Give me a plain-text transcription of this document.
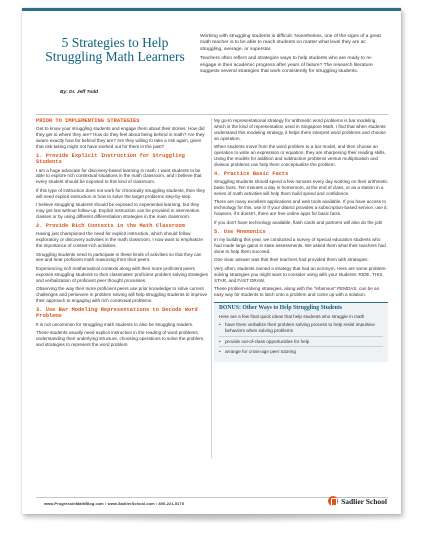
5 Strategies to Help Struggling Math Learners
By: Dr. Jeff Todd

Working with struggling students is difficult. Nonetheless, one of the signs of a great math teacher is to be able to reach students no matter what level they are at: struggling, average, or superstar.

Teachers often reflect and strategize ways to help students who are ready to re-engage in their academic progress after years of failure? The research literature suggests several strategies that work consistently for struggling students.

PRIOR TO IMPLEMENTING STRATEGIES

Get to know your struggling students and engage them about their stories. How did they get to where they are? How do they feel about being behind in math? Are they aware exactly how far behind they are? Are they willing to take a risk again, given that risk-taking might not have worked out for them in the past?

1. Provide Explicit Instruction for Struggling Students

I am a huge advocate for discovery-based learning in math. I want students to be able to explore rich contextual situations in the math classroom, and I believe that every student should be exposed to this kind of classroom.

If this type of instruction does not work for chronically struggling students, then they will need explicit instruction in how to solve the target problems step-by-step.

I believe struggling students should be exposed to experiential learning, but they may get lost without follow-up. Explicit instruction can be provided in intervention classes or by using different differentiation strategies in the main classroom.

2. Provide Rich Contexts in the Math Classroom

Having just championed the need for explicit instruction, which should follow exploratory or discovery activities in the math classroom, I now want to emphasize the importance of context-rich activities.

Struggling students need to participate in these kinds of activities so that they can see and hear proficient math reasoning from their peers.

Experiencing rich mathematical contexts along with their more proficient peers exposes struggling students to their classmates' proficient problem solving strategies and verbalization of proficient peer thought processes.

Observing the way their more proficient peers use prior knowledge to solve current challenges and persevere in problem solving will help struggling students to improve their approach to engaging with rich contextual problems.

3. Use Bar Modeling Representations to Decode Word Problems

It is not uncommon for struggling math students to also be struggling readers.

These students usually need explicit instruction in the reading of word problems, understanding their underlying structure, choosing operations to solve the problem, and strategies to represent the word problem.

My go-to representational strategy for arithmetic word problems is bar modeling, which is the kind of representation used in Singapore Math. I find that when students understand this modeling strategy, it helps them interpret word problems and choose an operation.

When students move from the word problem to a bar model, and then choose an operation to write an expression or equation, they are sharpening their reading skills. Using the models for addition and subtraction problems versus multiplication and division problems can help them conceptualize the problem.

4. Practice Basic Facts

Struggling students should spend a few minutes every day working on their arithmetic basic facts. Ten minutes a day in homeroom, at the end of class, or as a station in a series of math activities will help them build speed and confidence.

There are many excellent applications and web tools available. If you have access to technology for this, use it! If your district provides a subscription-based service, use it; however, if it doesn't, there are free online apps for basic facts.

If you don't have technology available, flash cards and partners will also do the job!

5. Use Mnemonics

In my building this year, we conducted a survey of special education students who had made large gains in state assessments. We asked them what their teachers had done to help them succeed.

One clear answer was that their teachers had provided them with strategies.

Very often, students named a strategy that had an acronym. Here are some problem-solving strategies you might want to consider using with your students: RIDE, THIS, STAR, and FAST DRAW.

These problem-solving strategies, along with the "infamous" PEMDAS, can be an easy way for students to latch onto a problem and come up with a solution.

BONUS: Other Ways to Help Struggling Students

Here are a few final quick ideas that help students who struggle in math

• have them verbalize their problem solving process to help resist impulsive behaviors when solving problems
• provide out-of-class opportunities for help
• arrange for cross-age peer tutoring
www.ProgressinMathBlog.com • www.SadlierSchool.com • 800-221-5175	Sadlier School
